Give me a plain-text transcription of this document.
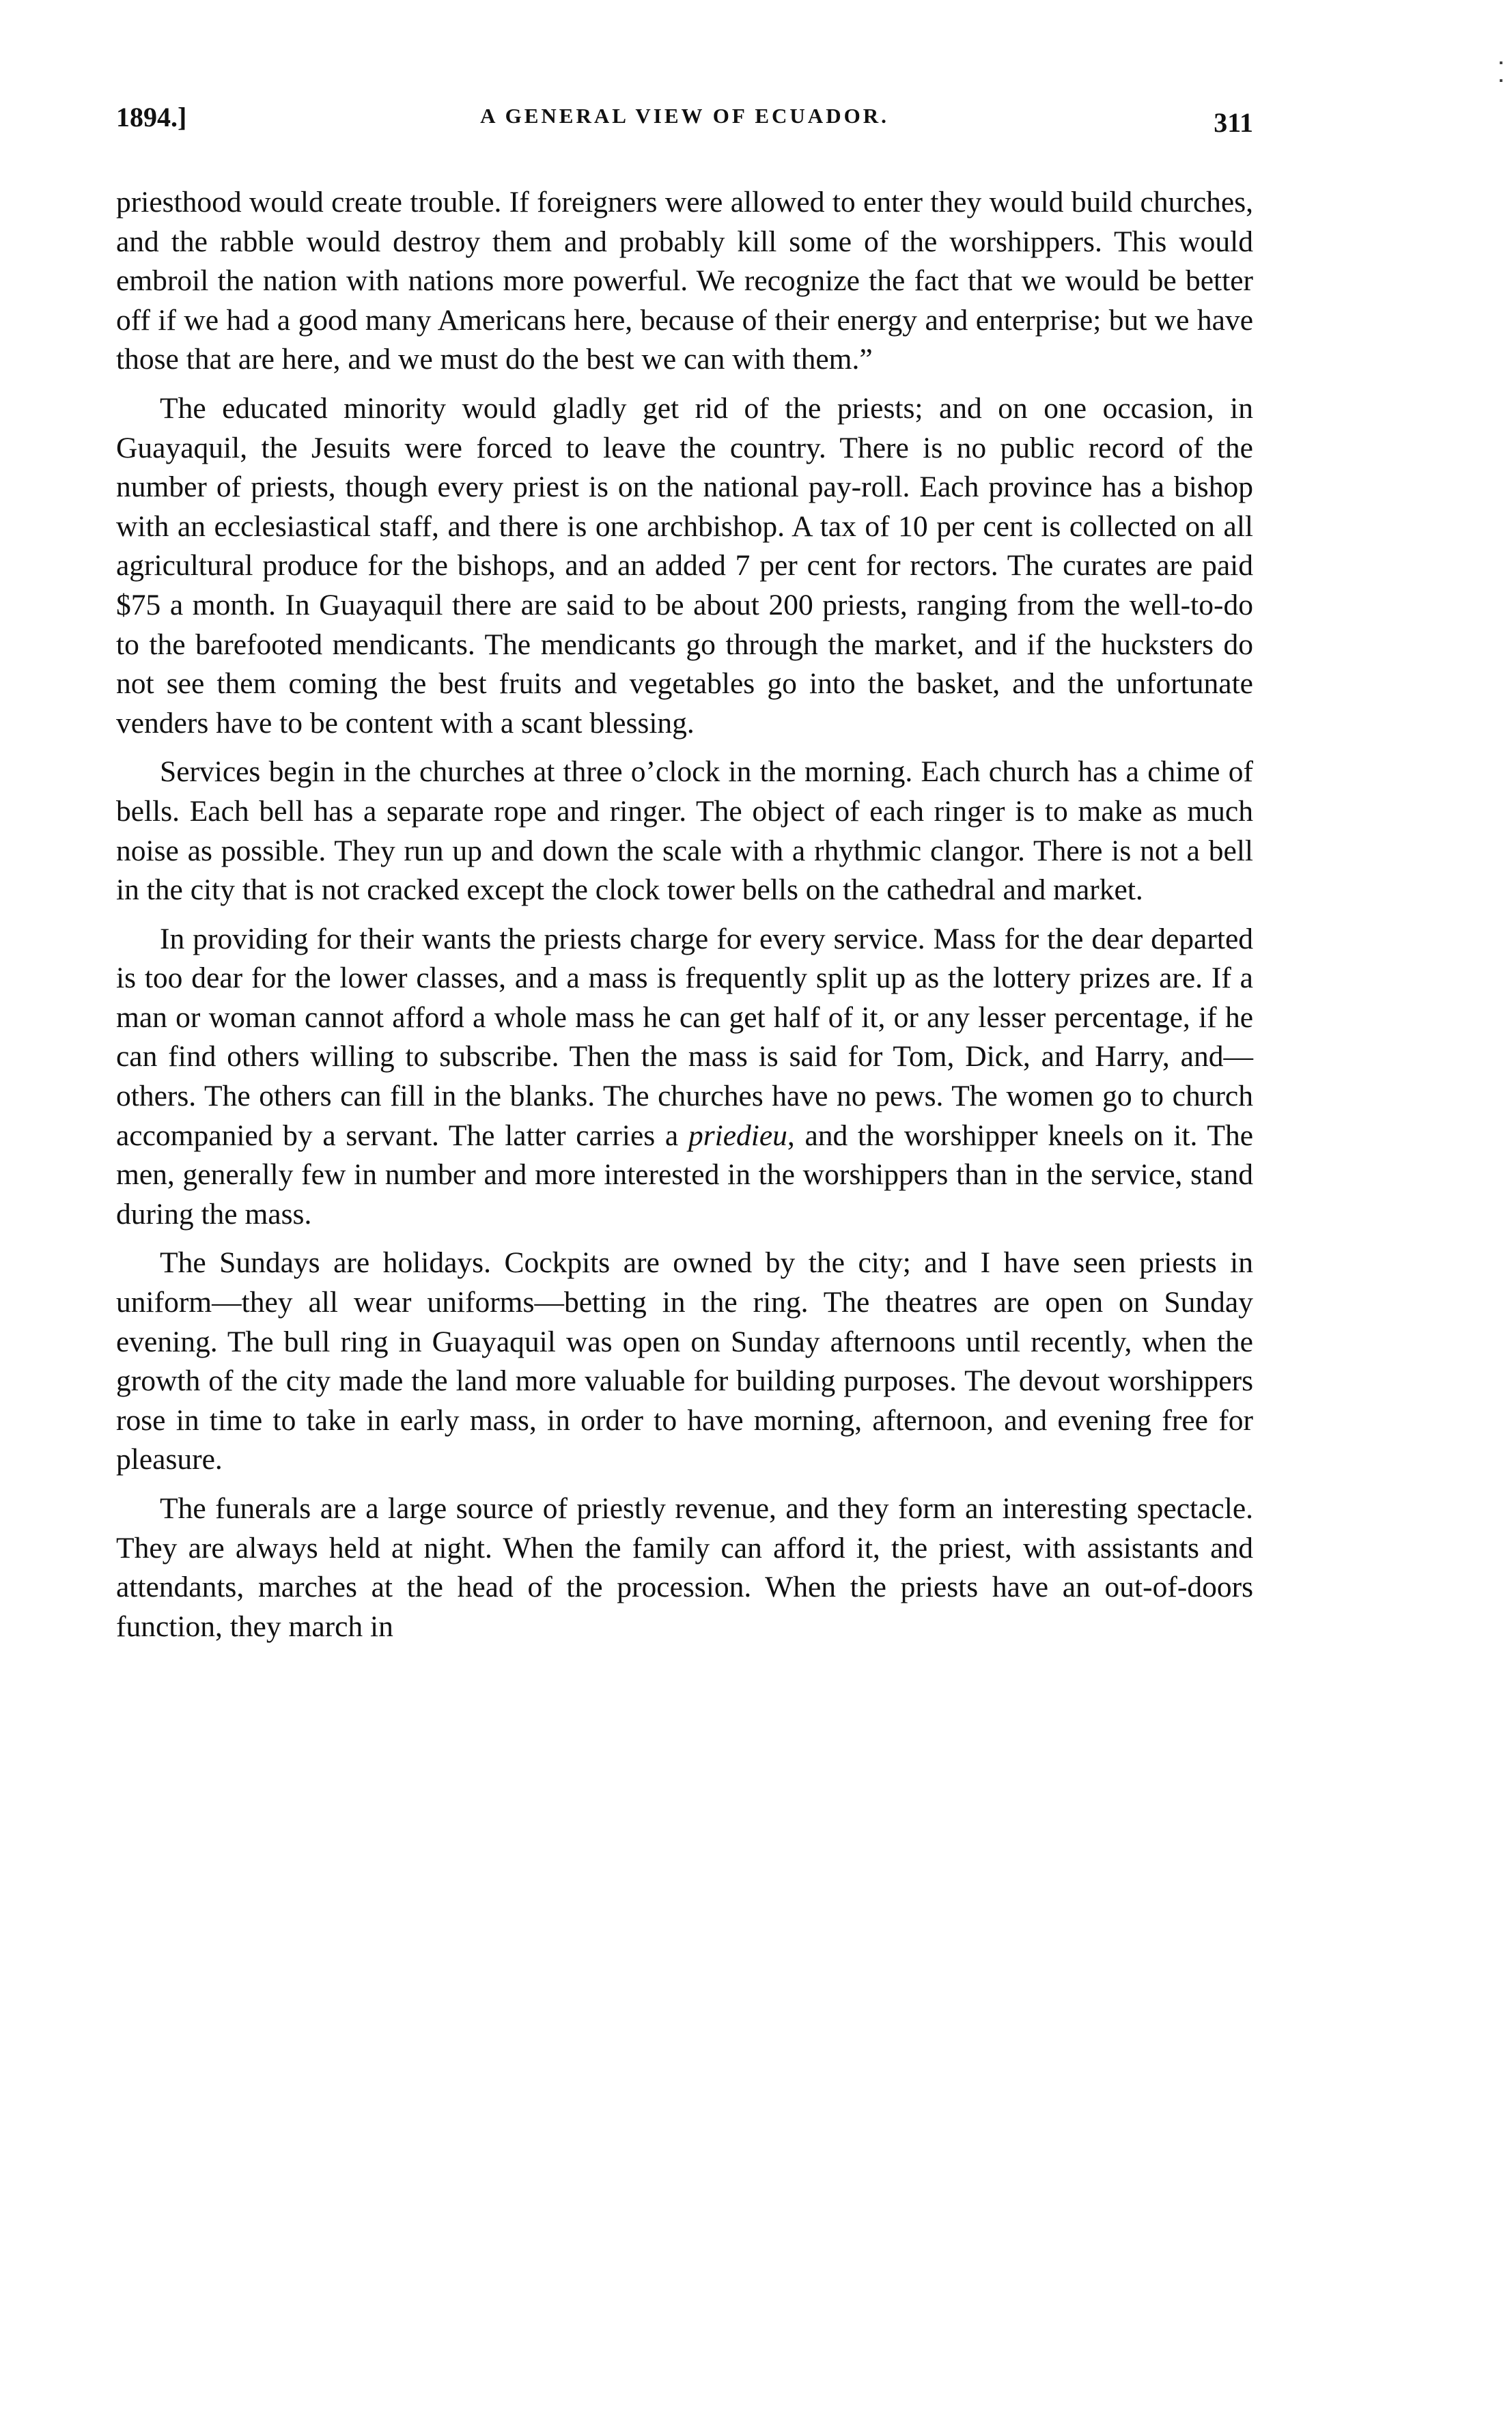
1894.]	A GENERAL VIEW OF ECUADOR.	311

priesthood would create trouble. If foreigners were allowed to enter they would build churches, and the rabble would destroy them and probably kill some of the worshippers. This would embroil the nation with nations more powerful. We recognize the fact that we would be better off if we had a good many Americans here, because of their energy and enterprise; but we have those that are here, and we must do the best we can with them.”

The educated minority would gladly get rid of the priests; and on one occasion, in Guayaquil, the Jesuits were forced to leave the country. There is no public record of the number of priests, though every priest is on the national pay-roll. Each province has a bishop with an ecclesiastical staff, and there is one archbishop. A tax of 10 per cent is collected on all agricultural produce for the bishops, and an added 7 per cent for rectors. The curates are paid $75 a month. In Guayaquil there are said to be about 200 priests, ranging from the well-to-do to the barefooted mendicants. The mendicants go through the market, and if the hucksters do not see them coming the best fruits and vegetables go into the basket, and the unfortunate venders have to be content with a scant blessing.

Services begin in the churches at three o’clock in the morning. Each church has a chime of bells. Each bell has a separate rope and ringer. The object of each ringer is to make as much noise as possible. They run up and down the scale with a rhythmic clangor. There is not a bell in the city that is not cracked except the clock tower bells on the cathedral and market.

In providing for their wants the priests charge for every service. Mass for the dear departed is too dear for the lower classes, and a mass is frequently split up as the lottery prizes are. If a man or woman cannot afford a whole mass he can get half of it, or any lesser percentage, if he can find others willing to subscribe. Then the mass is said for Tom, Dick, and Harry, and—others. The others can fill in the blanks. The churches have no pews. The women go to church accompanied by a servant. The latter carries a priedieu, and the worshipper kneels on it. The men, generally few in number and more interested in the worshippers than in the service, stand during the mass.

The Sundays are holidays. Cockpits are owned by the city; and I have seen priests in uniform—they all wear uniforms—betting in the ring. The theatres are open on Sunday evening. The bull ring in Guayaquil was open on Sunday afternoons until recently, when the growth of the city made the land more valuable for building purposes. The devout worshippers rose in time to take in early mass, in order to have morning, afternoon, and evening free for pleasure.

The funerals are a large source of priestly revenue, and they form an interesting spectacle. They are always held at night. When the family can afford it, the priest, with assistants and attendants, marches at the head of the procession. When the priests have an out-of-doors function, they march in
